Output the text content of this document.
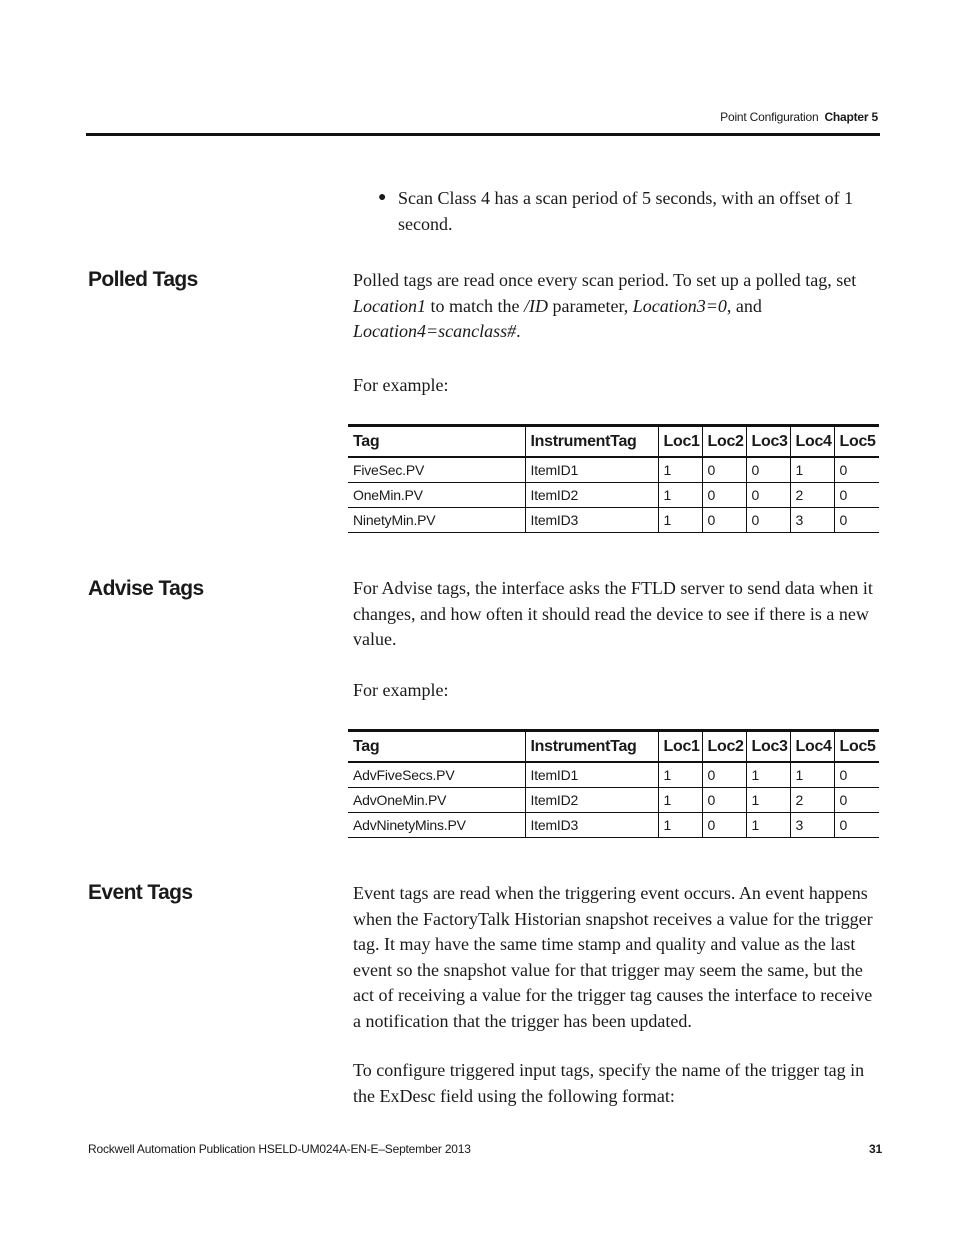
Point Configuration Chapter 5
● Scan Class 4 has a scan period of 5 seconds, with an offset of 1 second.
Polled Tags	Polled tags are read once every scan period. To set up a polled tag, set Location1 to match the /ID parameter, Location3=0, and Location4=scanclass#.
For example:
Tag	InstrumentTag	Loc1	Loc2	Loc3	Loc4	Loc5
FiveSec.PV	ItemID1	1	0	0	1	0
OneMin.PV	ItemID2	1	0	0	2	0
NinetyMin.PV	ItemID3	1	0	0	3	0
Advise Tags	For Advise tags, the interface asks the FTLD server to send data when it changes, and how often it should read the device to see if there is a new value.
For example:
Tag	InstrumentTag	Loc1	Loc2	Loc3	Loc4	Loc5
AdvFiveSecs.PV	ItemID1	1	0	1	1	0
AdvOneMin.PV	ItemID2	1	0	1	2	0
AdvNinetyMins.PV	ItemID3	1	0	1	3	0
Event Tags	Event tags are read when the triggering event occurs. An event happens when the FactoryTalk Historian snapshot receives a value for the trigger tag. It may have the same time stamp and quality and value as the last event so the snapshot value for that trigger may seem the same, but the act of receiving a value for the trigger tag causes the interface to receive a notification that the trigger has been updated.
To configure triggered input tags, specify the name of the trigger tag in the ExDesc field using the following format:
Rockwell Automation Publication HSELD-UM024A-EN-E–September 2013	31
